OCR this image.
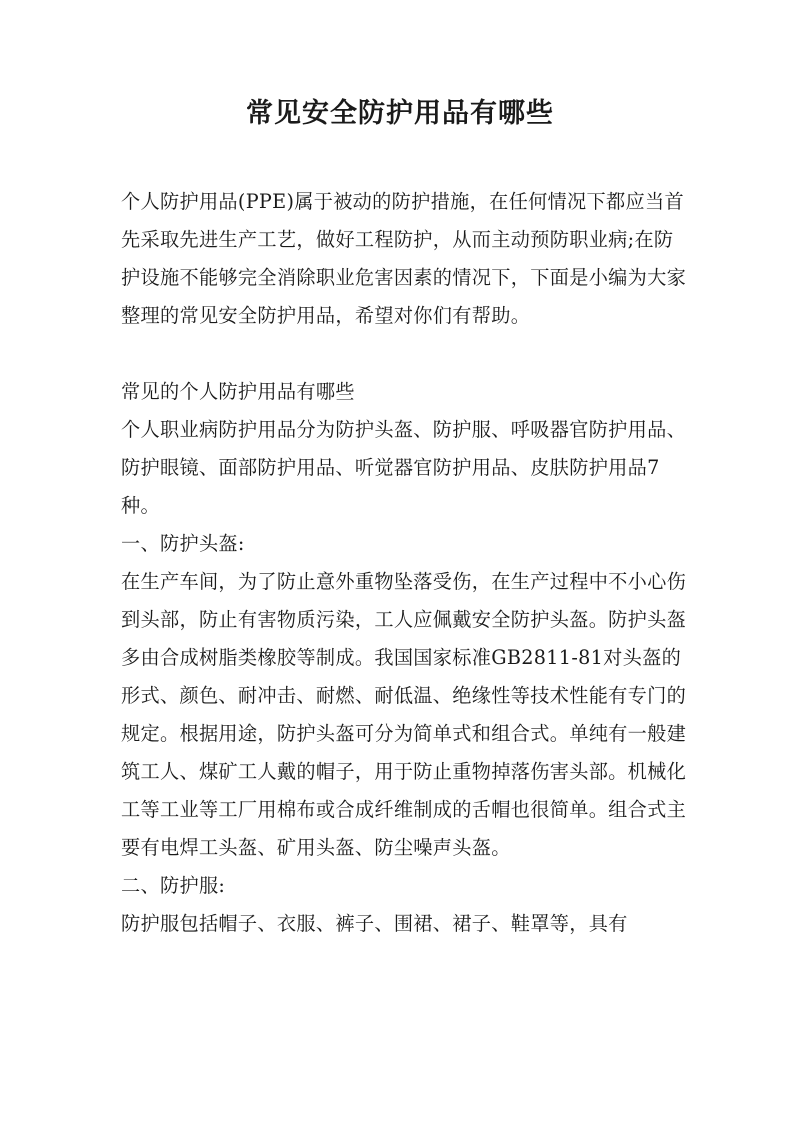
常见安全防护用品有哪些

个人防护用品(PPE)属于被动的防护措施，在任何情况下都应当首先采取先进生产工艺，做好工程防护，从而主动预防职业病;在防护设施不能够完全消除职业危害因素的情况下，下面是小编为大家整理的常见安全防护用品，希望对你们有帮助。

常见的个人防护用品有哪些

个人职业病防护用品分为防护头盔、防护服、呼吸器官防护用品、防护眼镜、面部防护用品、听觉器官防护用品、皮肤防护用品7种。

一、防护头盔:

在生产车间，为了防止意外重物坠落受伤，在生产过程中不小心伤到头部，防止有害物质污染，工人应佩戴安全防护头盔。防护头盔多由合成树脂类橡胶等制成。我国国家标准GB2811-81对头盔的形式、颜色、耐冲击、耐燃、耐低温、绝缘性等技术性能有专门的规定。根据用途，防护头盔可分为简单式和组合式。单纯有一般建筑工人、煤矿工人戴的帽子，用于防止重物掉落伤害头部。机械化工等工业等工厂用棉布或合成纤维制成的舌帽也很简单。组合式主要有电焊工头盔、矿用头盔、防尘噪声头盔。

二、防护服:

防护服包括帽子、衣服、裤子、围裙、裙子、鞋罩等，具有
